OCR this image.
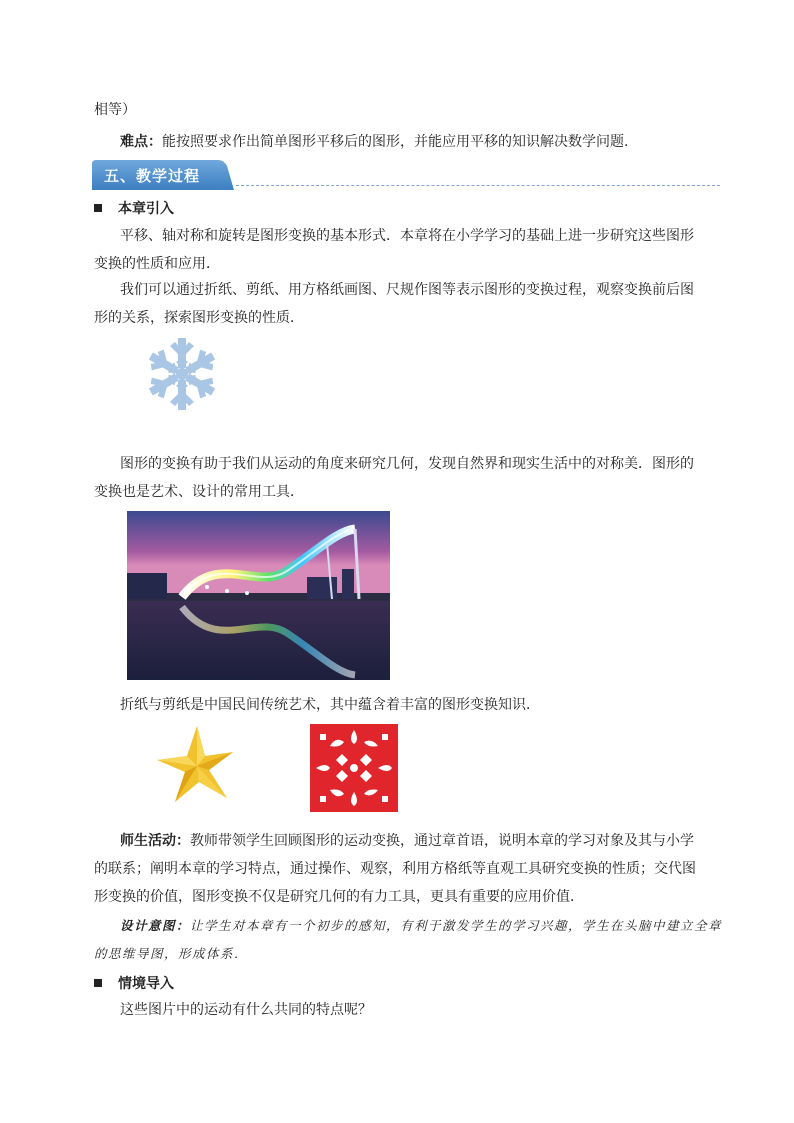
相等）
难点：能按照要求作出简单图形平移后的图形，并能应用平移的知识解决数学问题.
五、教学过程
本章引入
平移、轴对称和旋转是图形变换的基本形式．本章将在小学学习的基础上进一步研究这些图形变换的性质和应用．
我们可以通过折纸、剪纸、用方格纸画图、尺规作图等表示图形的变换过程，观察变换前后图形的关系，探索图形变换的性质．
图形的变换有助于我们从运动的角度来研究几何，发现自然界和现实生活中的对称美．图形的变换也是艺术、设计的常用工具．
折纸与剪纸是中国民间传统艺术，其中蕴含着丰富的图形变换知识．
师生活动：教师带领学生回顾图形的运动变换，通过章首语，说明本章的学习对象及其与小学的联系；阐明本章的学习特点，通过操作、观察，利用方格纸等直观工具研究变换的性质；交代图形变换的价值，图形变换不仅是研究几何的有力工具，更具有重要的应用价值．
设计意图：让学生对本章有一个初步的感知，有利于激发学生的学习兴趣，学生在头脑中建立全章的思维导图，形成体系．
情境导入
这些图片中的运动有什么共同的特点呢？
